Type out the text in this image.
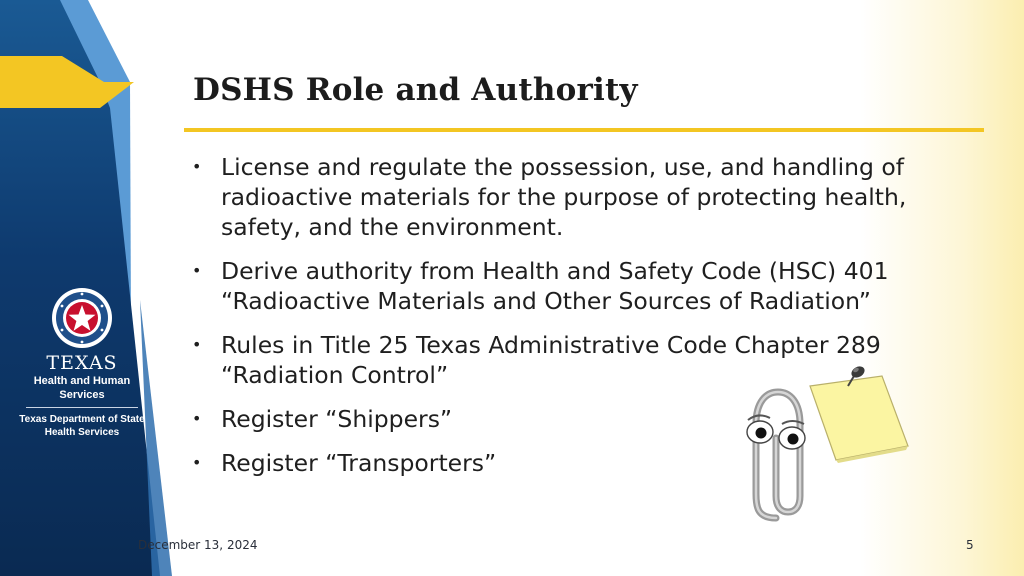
TEXAS
Health and Human Services
Texas Department of State Health Services
DSHS Role and Authority
• License and regulate the possession, use, and handling of radioactive materials for the purpose of protecting health, safety, and the environment.
• Derive authority from Health and Safety Code (HSC) 401 “Radioactive Materials and Other Sources of Radiation”
• Rules in Title 25 Texas Administrative Code Chapter 289 “Radiation Control”
• Register “Shippers”
• Register “Transporters”
December 13, 2024	5
